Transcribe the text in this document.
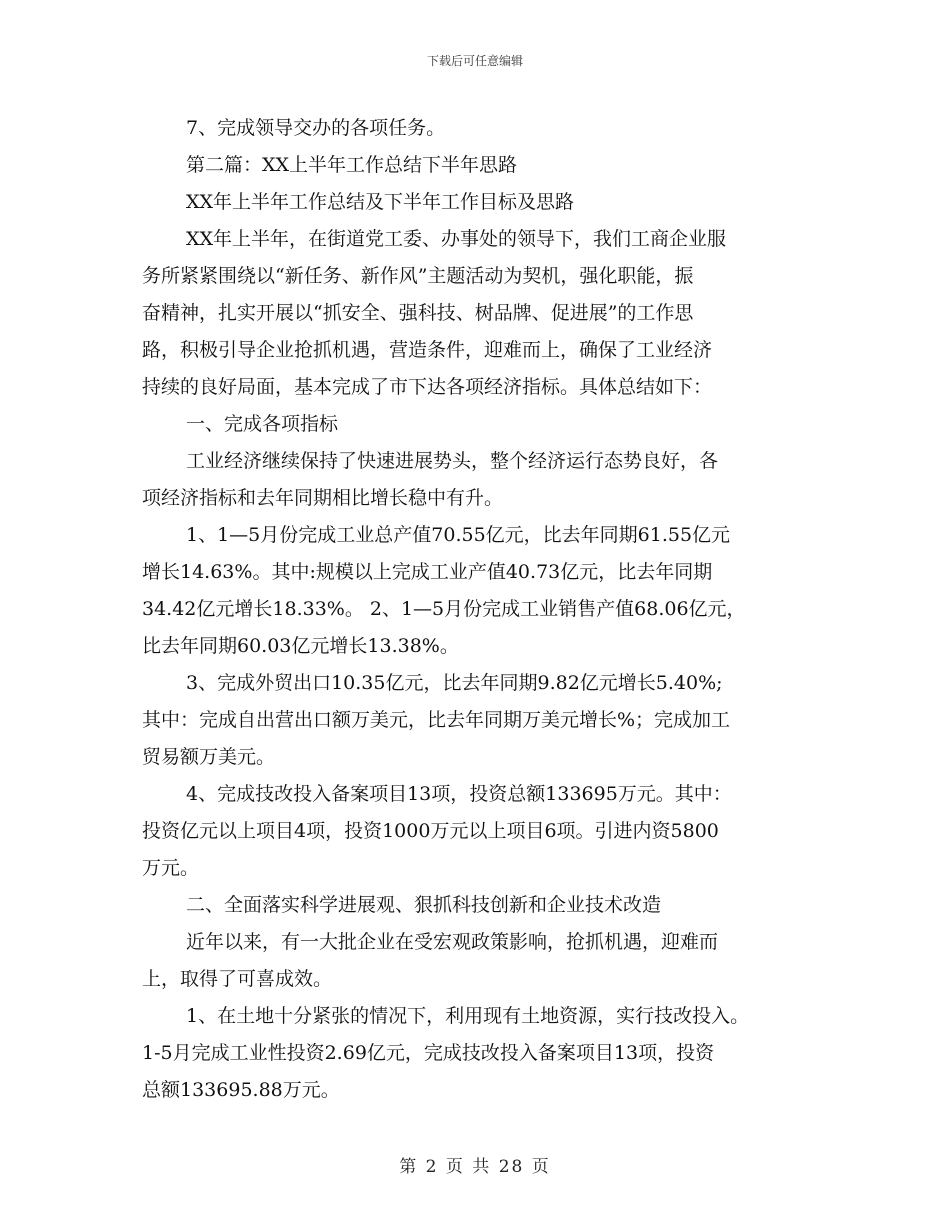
下载后可任意编辑
7、完成领导交办的各项任务。
第二篇：XX上半年工作总结下半年思路
XX年上半年工作总结及下半年工作目标及思路
XX年上半年，在街道党工委、办事处的领导下，我们工商企业服
务所紧紧围绕以“新任务、新作风”主题活动为契机，强化职能，振
奋精神，扎实开展以“抓安全、强科技、树品牌、促进展”的工作思
路，积极引导企业抢抓机遇，营造条件，迎难而上，确保了工业经济
持续的良好局面，基本完成了市下达各项经济指标。具体总结如下：
一、完成各项指标
工业经济继续保持了快速进展势头，整个经济运行态势良好，各
项经济指标和去年同期相比增长稳中有升。
1、1—5月份完成工业总产值70.55亿元，比去年同期61.55亿元
增长14.63%。其中:规模以上完成工业产值40.73亿元，比去年同期
34.42亿元增长18.33%。 2、1—5月份完成工业销售产值68.06亿元，
比去年同期60.03亿元增长13.38%。
3、完成外贸出口10.35亿元，比去年同期9.82亿元增长5.40%;
其中：完成自出营出口额万美元，比去年同期万美元增长%；完成加工
贸易额万美元。
4、完成技改投入备案项目13项，投资总额133695万元。其中：
投资亿元以上项目4项，投资1000万元以上项目6项。引进内资5800
万元。
二、全面落实科学进展观、狠抓科技创新和企业技术改造
近年以来，有一大批企业在受宏观政策影响，抢抓机遇，迎难而
上，取得了可喜成效。
1、在土地十分紧张的情况下，利用现有土地资源，实行技改投入。
1-5月完成工业性投资2.69亿元，完成技改投入备案项目13项，投资
总额133695.88万元。
第 2 页 共 28 页
